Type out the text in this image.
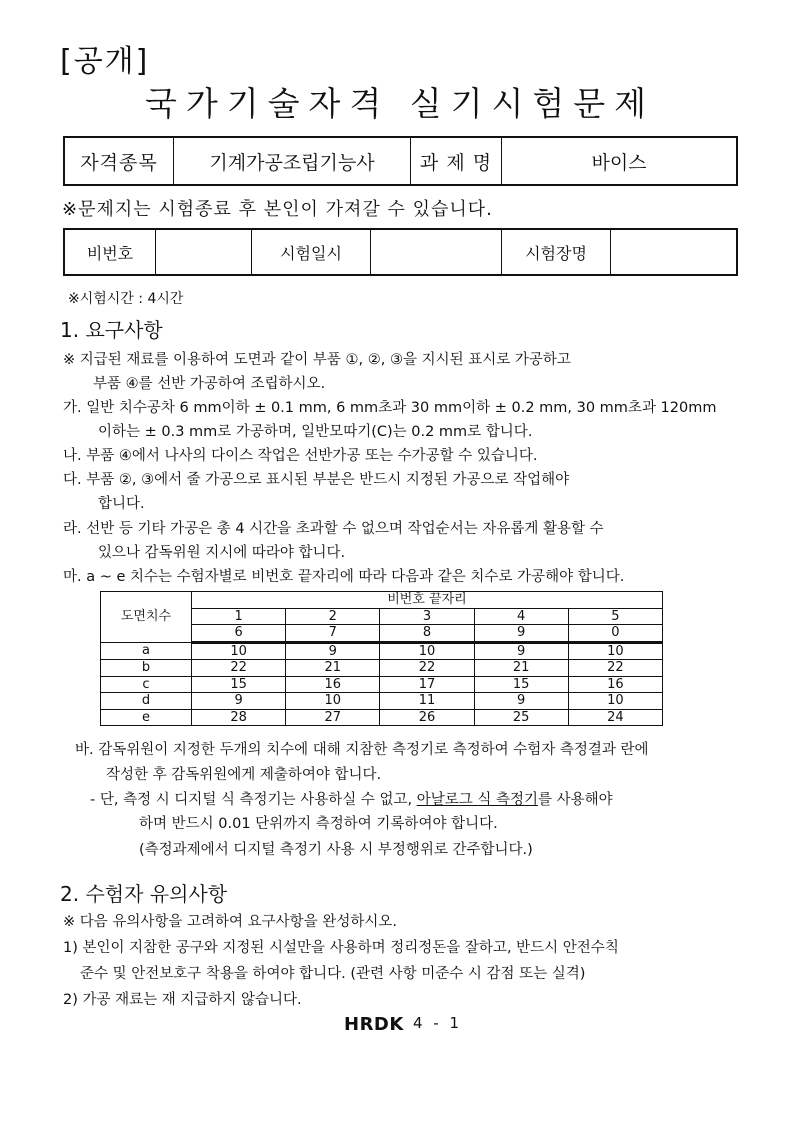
[공개]
국가기술자격 실기시험문제
자격종목	기계가공조립기능사	과 제 명	바이스
※문제지는 시험종료 후 본인이 가져갈 수 있습니다.
비번호		시험일시		시험장명	
※시험시간 : 4시간
1. 요구사항
※ 지급된 재료를 이용하여 도면과 같이 부품 ①, ②, ③을 지시된 표시로 가공하고
부품 ④를 선반 가공하여 조립하시오.
가. 일반 치수공차 6 mm이하 ± 0.1 mm, 6 mm초과 30 mm이하 ± 0.2 mm, 30 mm초과 120mm
이하는 ± 0.3 mm로 가공하며, 일반모따기(C)는 0.2 mm로 합니다.
나. 부품 ④에서 나사의 다이스 작업은 선반가공 또는 수가공할 수 있습니다.
다. 부품 ②, ③에서 줄 가공으로 표시된 부분은 반드시 지정된 가공으로 작업해야
합니다.
라. 선반 등 기타 가공은 총 4 시간을 초과할 수 없으며 작업순서는 자유롭게 활용할 수
있으나 감독위원 지시에 따라야 합니다.
마. a ~ e 치수는 수험자별로 비번호 끝자리에 따라 다음과 같은 치수로 가공해야 합니다.
도면치수	비번호 끝자리				
	1	2	3	4	5
	6	7	8	9	0
a	10	9	10	9	10
b	22	21	22	21	22
c	15	16	17	15	16
d	9	10	11	9	10
e	28	27	26	25	24
바. 감독위원이 지정한 두개의 치수에 대해 지참한 측정기로 측정하여 수험자 측정결과 란에
작성한 후 감독위원에게 제출하여야 합니다.
- 단, 측정 시 디지털 식 측정기는 사용하실 수 없고, 아날로그 식 측정기를 사용해야
하며 반드시 0.01 단위까지 측정하여 기록하여야 합니다.
(측정과제에서 디지털 측정기 사용 시 부정행위로 간주합니다.)
2. 수험자 유의사항
※ 다음 유의사항을 고려하여 요구사항을 완성하시오.
1) 본인이 지참한 공구와 지정된 시설만을 사용하며 정리정돈을 잘하고, 반드시 안전수칙
준수 및 안전보호구 착용을 하여야 합니다. (관련 사항 미준수 시 감점 또는 실격)
2) 가공 재료는 재 지급하지 않습니다.
HRDK 4 - 1
